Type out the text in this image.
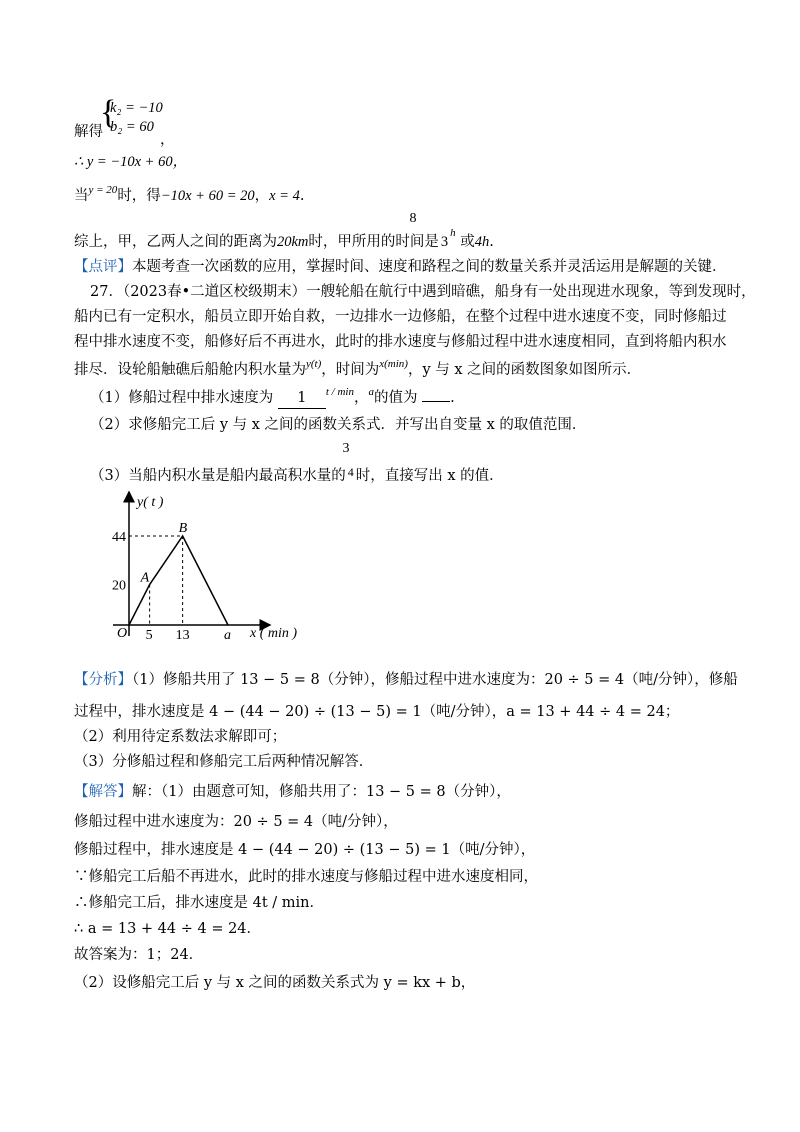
{
k₂ = −10
b₂ = 60
解得	，
∴ y = −10x + 60，
当$^{y = 20}$时，得−10x + 60 = 20，x = 4.
8
综上，甲，乙两人之间的距离为20km时，甲所用的时间是 3$^h$ 或4h.
【点评】本题考查一次函数的应用，掌握时间、速度和路程之间的数量关系并灵活运用是解题的关键．
27．（2023春•二道区校级期末）一艘轮船在航行中遇到暗礁，船身有一处出现进水现象，等到发现时，
船内已有一定积水，船员立即开始自救，一边排水一边修船，在整个过程中进水速度不变，同时修船过
程中排水速度不变，船修好后不再进水，此时的排水速度与修船过程中进水速度相同，直到将船内积水
排尽．设轮船触礁后船舱内积水量为$^{y(t)}$，时间为$^{x(min)}$，y 与 x 之间的函数图象如图所示．
（1）修船过程中排水速度为 1 $^{t / min}$，$^a$的值为 .
（2）求修船完工后 y 与 x 之间的函数关系式．并写出自变量 x 的取值范围．
3
（3）当船内积水量是船内最高积水量的 $^4$ 时，直接写出 x 的值．
y( t )
x ( min )
O
A
B
5 13 a
20
44
【分析】（1）修船共用了 13 − 5 = 8（分钟），修船过程中进水速度为：20 ÷ 5 = 4（吨/分钟），修船
过程中，排水速度是 4 − (44 − 20) ÷ (13 − 5) = 1（吨/分钟），a = 13 + 44 ÷ 4 = 24；
（2）利用待定系数法求解即可；
（3）分修船过程和修船完工后两种情况解答．
【解答】解：（1）由题意可知，修船共用了：13 − 5 = 8（分钟），
修船过程中进水速度为：20 ÷ 5 = 4（吨/分钟），
修船过程中，排水速度是 4 − (44 − 20) ÷ (13 − 5) = 1（吨/分钟），
∵修船完工后船不再进水，此时的排水速度与修船过程中进水速度相同，
∴修船完工后，排水速度是 4t / min．
∴ a = 13 + 44 ÷ 4 = 24．
故答案为：1；24．
（2）设修船完工后 y 与 x 之间的函数关系式为 y = kx + b，
